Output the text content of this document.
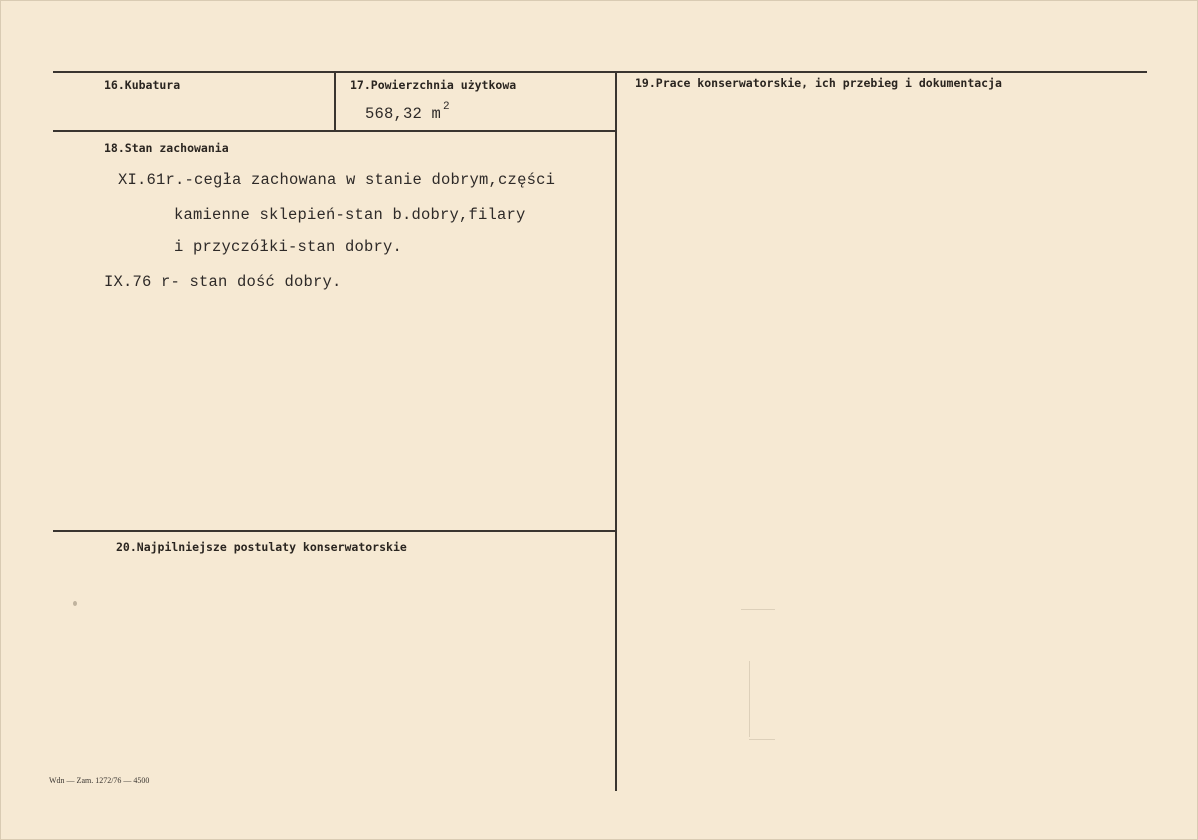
16.Kubatura	17.Powierzchnia użytkowa	19.Prace konserwatorskie, ich przebieg i dokumentacja
18.Stan zachowania
20.Najpilniejsze postulaty konserwatorskie
568,32 m $^2$
XI.61r.-cegła zachowana w stanie dobrym,części
kamienne sklepień-stan b.dobry,filary
i przyczółki-stan dobry.
IX.76 r- stan dość dobry.
Wdn — Zam. 1272/76 — 4500
